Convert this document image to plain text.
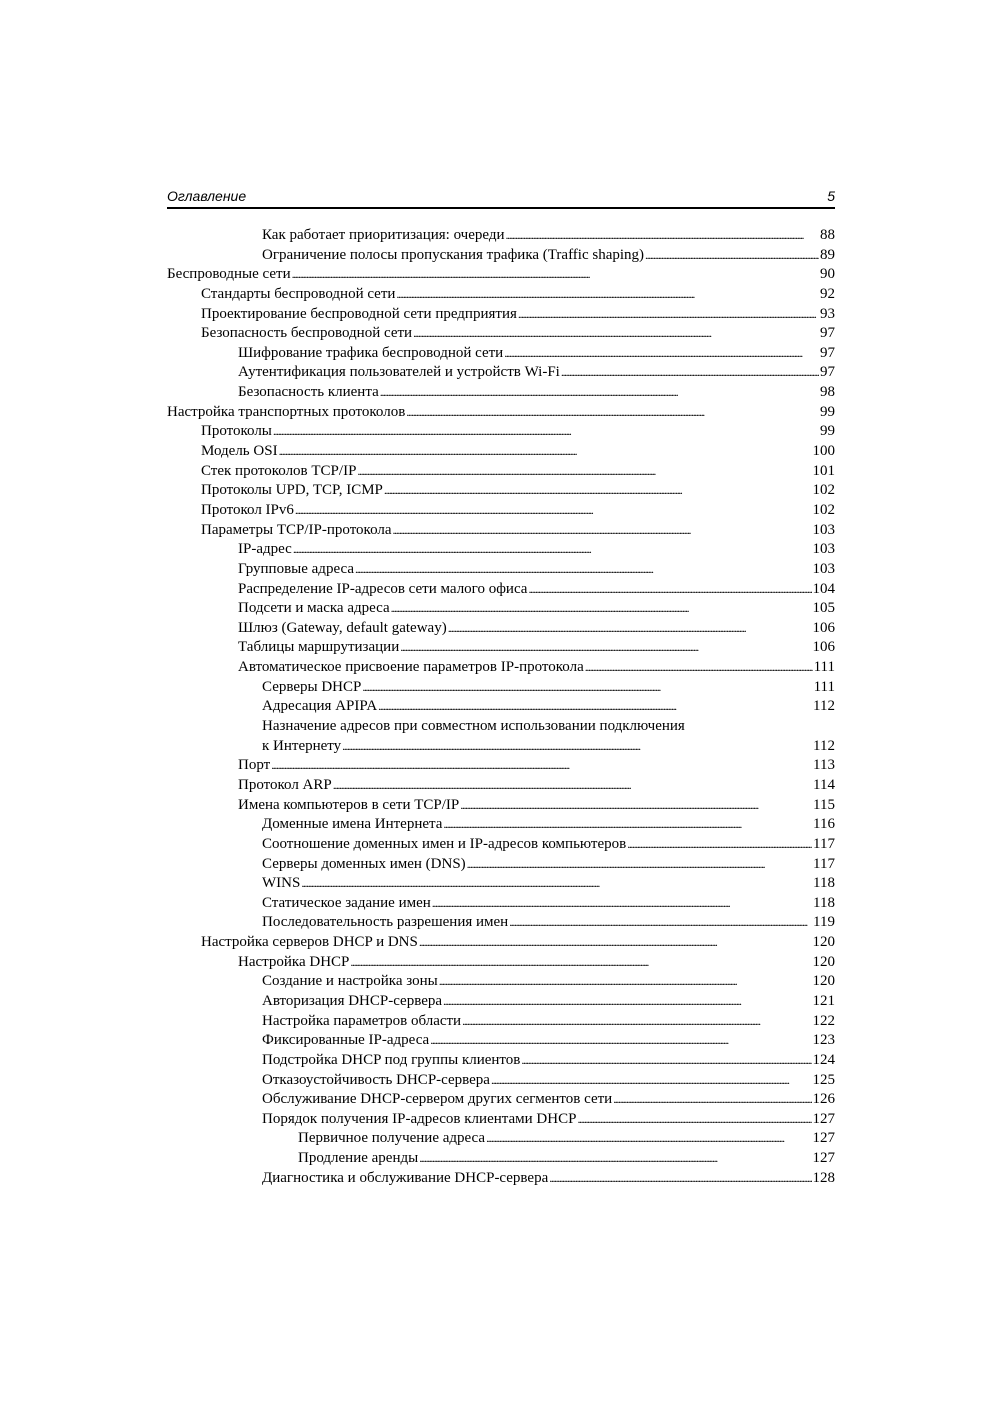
Оглавление	5
Как работает приоритизация: очереди . . .	88
Ограничение полосы пропускания трафика (Traffic shaping) . . .	89
Беспроводные сети . . .	90
Стандарты беспроводной сети . . .	92
Проектирование беспроводной сети предприятия . . .	93
Безопасность беспроводной сети . . .	97
Шифрование трафика беспроводной сети . . .	97
Аутентификация пользователей и устройств Wi-Fi . . .	97
Безопасность клиента . . .	98
Настройка транспортных протоколов . . .	99
Протоколы . . .	99
Модель OSI . . .	100
Стек протоколов TCP/IP . . .	101
Протоколы UPD, TCP, ICMP . . .	102
Протокол IPv6 . . .	102
Параметры TCP/IP-протокола . . .	103
IP-адрес . . .	103
Групповые адреса . . .	103
Распределение IP-адресов сети малого офиса . . .	104
Подсети и маска адреса . . .	105
Шлюз (Gateway, default gateway) . . .	106
Таблицы маршрутизации . . .	106
Автоматическое присвоение параметров IP-протокола . . .	111
Серверы DHCP . . .	111
Адресация APIPA . . .	112
Назначение адресов при совместном использовании подключения
к Интернету . . .	112
Порт . . .	113
Протокол ARP . . .	114
Имена компьютеров в сети TCP/IP . . .	115
Доменные имена Интернета . . .	116
Соотношение доменных имен и IP-адресов компьютеров . . .	117
Серверы доменных имен (DNS) . . .	117
WINS . . .	118
Статическое задание имен . . .	118
Последовательность разрешения имен . . .	119
Настройка серверов DHCP и DNS . . .	120
Настройка DHCP . . .	120
Создание и настройка зоны . . .	120
Авторизация DHCP-сервера . . .	121
Настройка параметров области . . .	122
Фиксированные IP-адреса . . .	123
Подстройка DHCP под группы клиентов . . .	124
Отказоустойчивость DHCP-сервера . . .	125
Обслуживание DHCP-сервером других сегментов сети . . .	126
Порядок получения IP-адресов клиентами DHCP . . .	127
Первичное получение адреса . . .	127
Продление аренды . . .	127
Диагностика и обслуживание DHCP-сервера . . .	128
